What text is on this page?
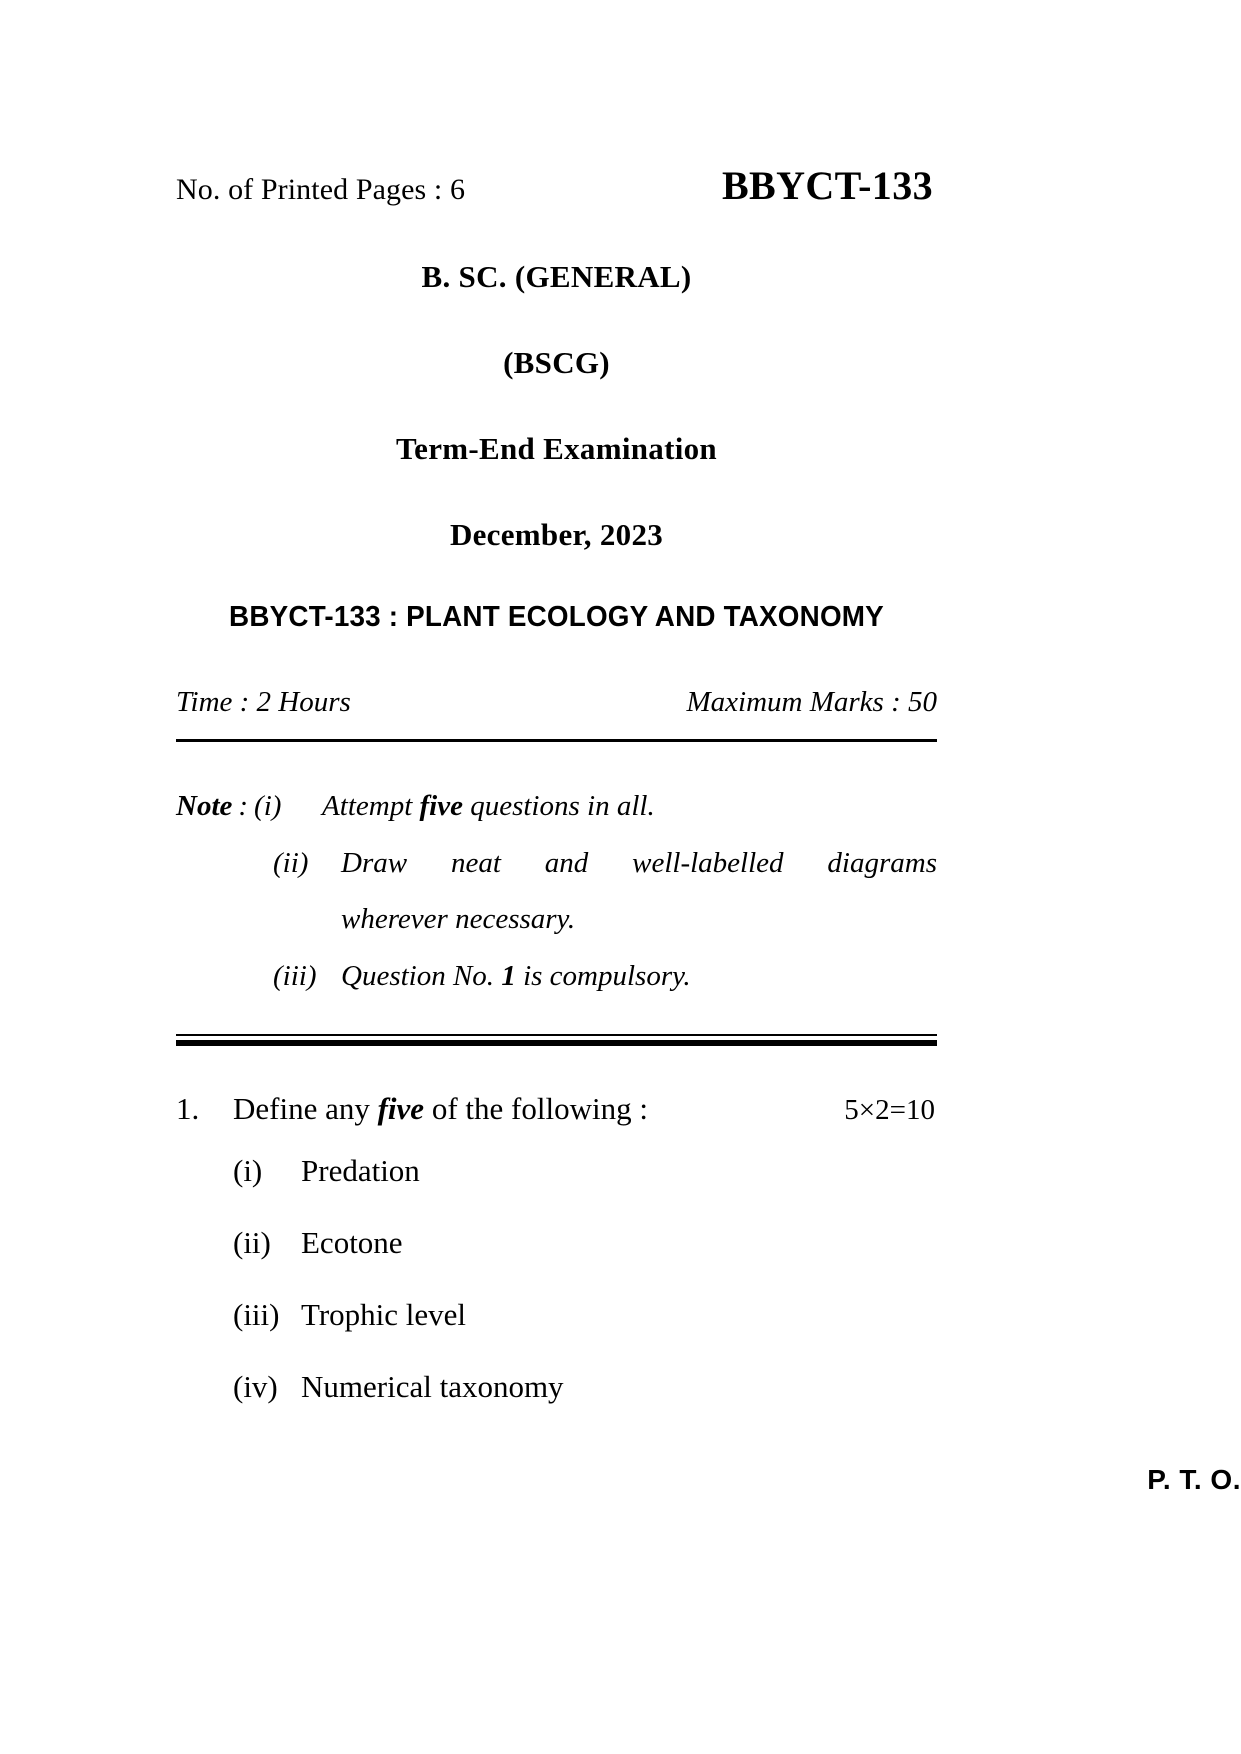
No. of Printed Pages : 6	BBYCT-133
B. SC. (GENERAL)
(BSCG)
Term-End Examination
December, 2023
BBYCT-133 : PLANT ECOLOGY AND TAXONOMY
Time : 2 Hours	Maximum Marks : 50
Note : (i)	Attempt five questions in all.
(ii)	Draw neat and well-labelled diagrams
wherever necessary.
(iii) Question No. 1 is compulsory.
1.	Define any five of the following :	5×2=10
(i)	Predation
(ii) Ecotone
(iii) Trophic level
(iv) Numerical taxonomy
P. T. O.
